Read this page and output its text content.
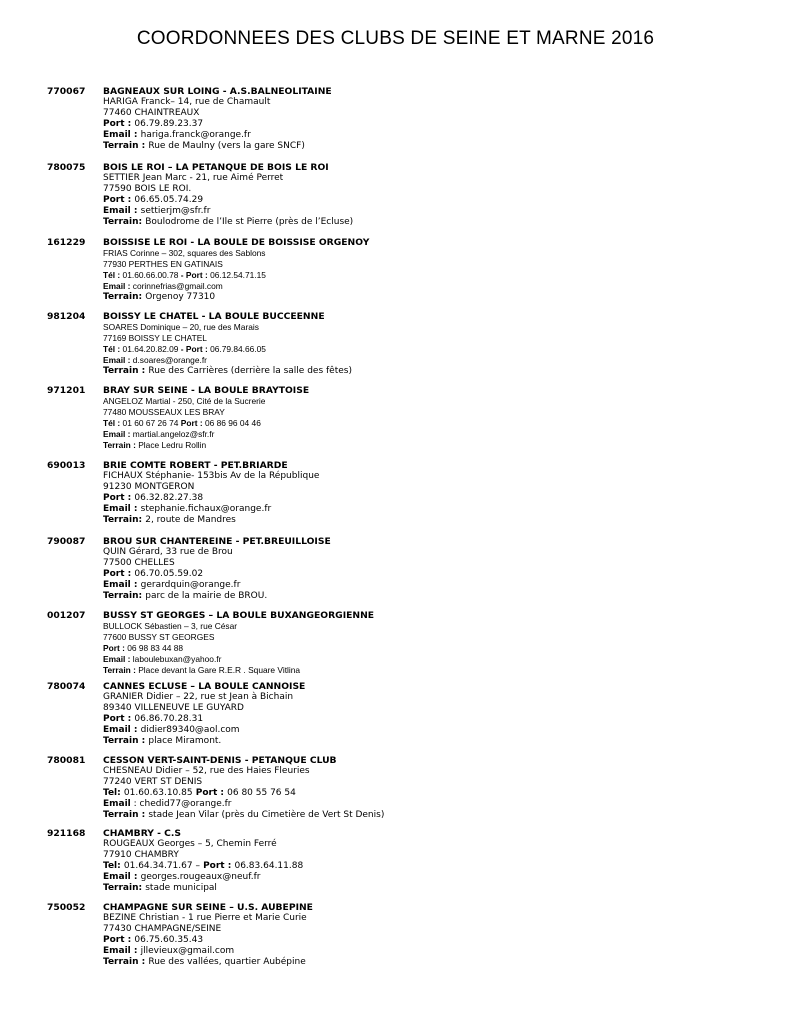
COORDONNEES DES CLUBS DE SEINE ET MARNE 2016
770067	BAGNEAUX SUR LOING - A.S.BALNEOLITAINE
HARIGA Franck– 14, rue de Chamault
77460 CHAINTREAUX
Port : 06.79.89.23.37
Email : hariga.franck@orange.fr
Terrain : Rue de Maulny (vers la gare SNCF)
780075	BOIS LE ROI – LA PETANQUE DE BOIS LE ROI
SETTIER Jean Marc - 21, rue Aimé Perret
77590 BOIS LE ROI.
Port : 06.65.05.74.29
Email : settierjm@sfr.fr
Terrain: Boulodrome de l’Ile st Pierre (près de l’Ecluse)
161229	BOISSISE LE ROI - LA BOULE DE BOISSISE ORGENOY
FRIAS Corinne – 302, squares des Sablons
77930 PERTHES EN GATINAIS
Tél : 01.60.66.00.78 - Port : 06.12.54.71.15
Email : corinnefrias@gmail.com
Terrain: Orgenoy 77310
981204	BOISSY LE CHATEL - LA BOULE BUCCEENNE
SOARES Dominique – 20, rue des Marais
77169 BOISSY LE CHATEL
Tél : 01.64.20.82.09 - Port : 06.79.84.66.05
Email : d.soares@orange.fr
Terrain : Rue des Carrières (derrière la salle des fêtes)
971201	BRAY SUR SEINE - LA BOULE BRAYTOISE
ANGELOZ Martial - 250, Cité de la Sucrerie
77480 MOUSSEAUX LES BRAY
Tél : 01 60 67 26 74 Port : 06 86 96 04 46
Email : martial.angeloz@sfr.fr
Terrain : Place Ledru Rollin
690013	BRIE COMTE ROBERT - PET.BRIARDE
FICHAUX Stéphanie- 153bis Av de la République
91230 MONTGERON
Port : 06.32.82.27.38
Email : stephanie.fichaux@orange.fr
Terrain: 2, route de Mandres
790087	BROU SUR CHANTEREINE - PET.BREUILLOISE
QUIN Gérard, 33 rue de Brou
77500 CHELLES
Port : 06.70.05.59.02
Email : gerardquin@orange.fr
Terrain: parc de la mairie de BROU.
001207	BUSSY ST GEORGES – LA BOULE BUXANGEORGIENNE
BULLOCK Sébastien – 3, rue César
77600 BUSSY ST GEORGES
Port : 06 98 83 44 88
Email : laboulebuxan@yahoo.fr
Terrain : Place devant la Gare R.E.R . Square Vitlina
780074	CANNES ECLUSE – LA BOULE CANNOISE
GRANIER Didier – 22, rue st Jean à Bichain
89340 VILLENEUVE LE GUYARD
Port : 06.86.70.28.31
Email : didier89340@aol.com
Terrain : place Miramont.
780081	CESSON VERT-SAINT-DENIS - PETANQUE CLUB
CHESNEAU Didier – 52, rue des Haies Fleuries
77240 VERT ST DENIS
Tel: 01.60.63.10.85 Port : 06 80 55 76 54
Email : chedid77@orange.fr
Terrain : stade Jean Vilar (près du Cimetière de Vert St Denis)
921168	CHAMBRY - C.S
ROUGEAUX Georges – 5, Chemin Ferré
77910 CHAMBRY
Tel: 01.64.34.71.67 – Port : 06.83.64.11.88
Email : georges.rougeaux@neuf.fr
Terrain: stade municipal
750052	CHAMPAGNE SUR SEINE – U.S. AUBEPINE
BEZINE Christian - 1 rue Pierre et Marie Curie
77430 CHAMPAGNE/SEINE
Port : 06.75.60.35.43
Email : jllevieux@gmail.com
Terrain : Rue des vallées, quartier Aubépine
